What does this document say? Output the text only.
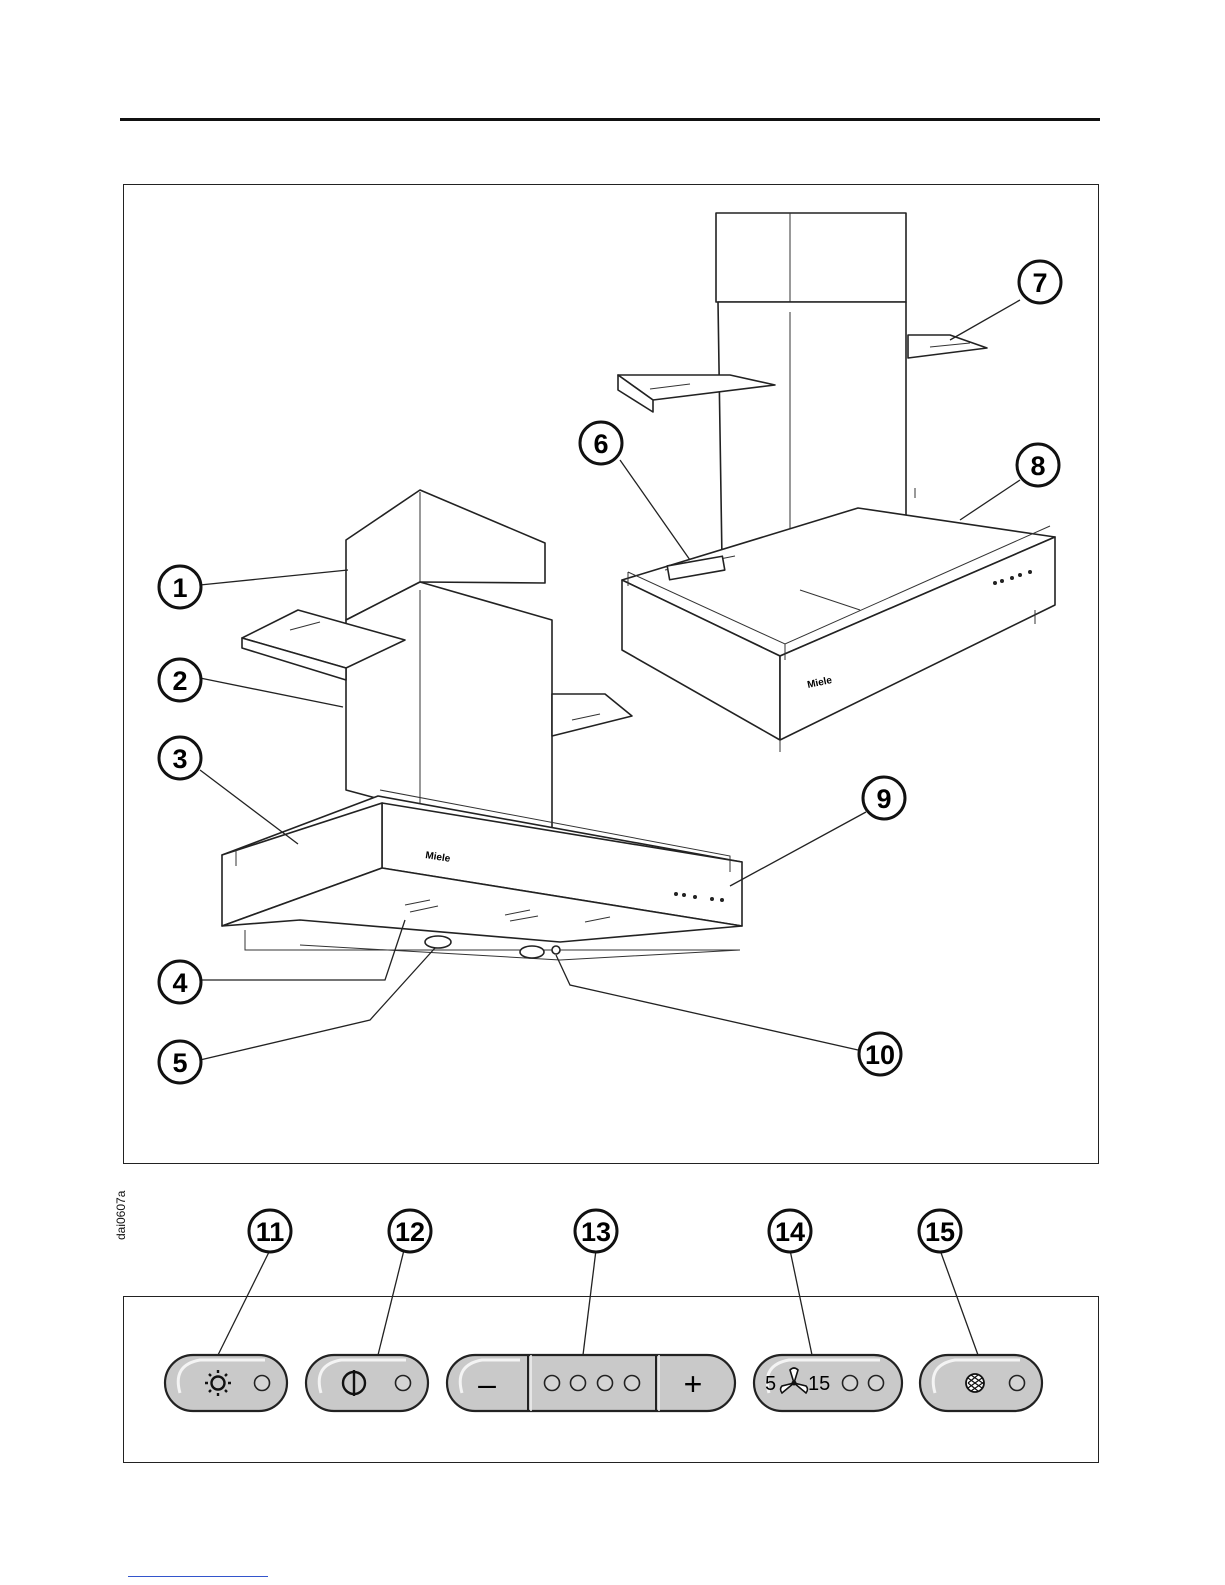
dai0607a
Miele
Miele
1
2
3
4
5
6
7
8
9
10
11	12	13	14	15
–	+	5 15
